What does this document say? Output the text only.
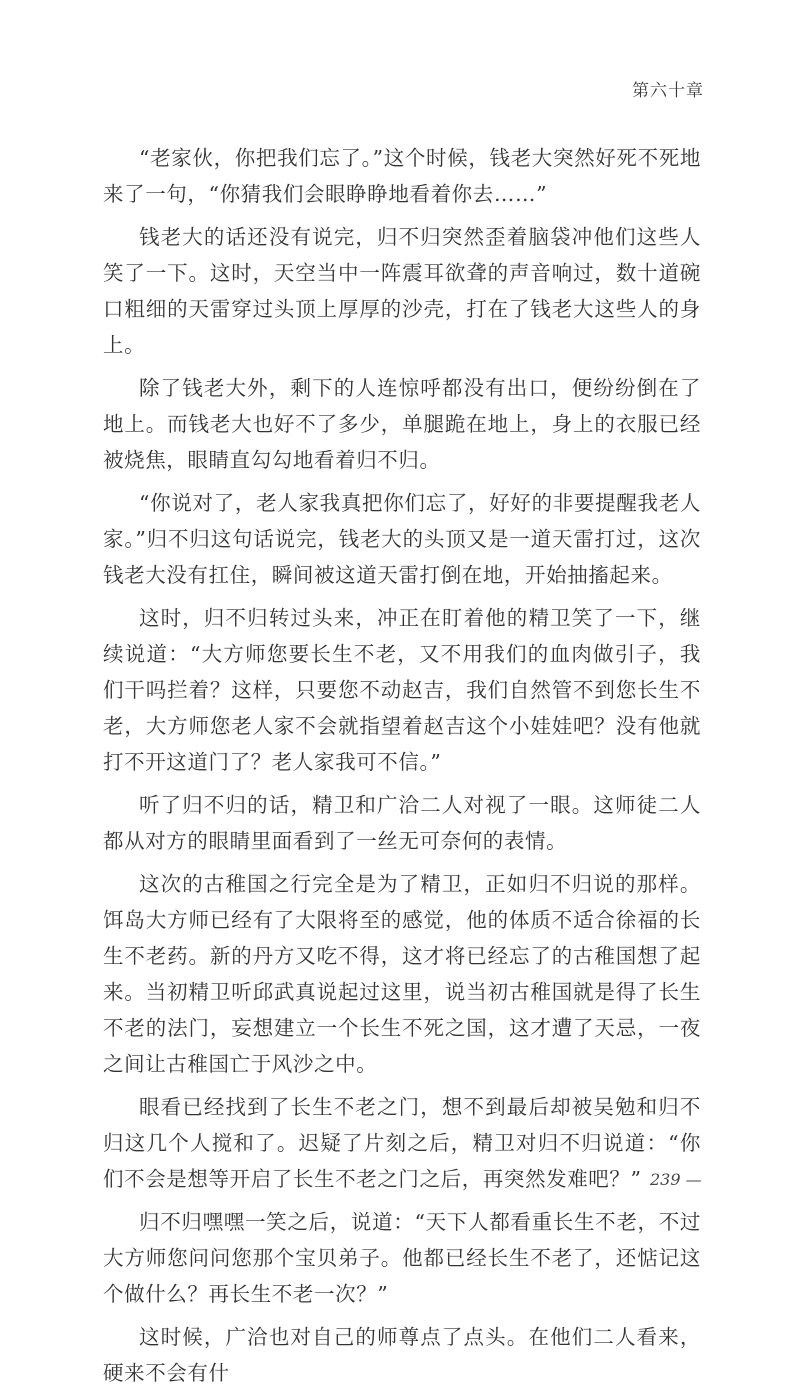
第六十章

“老家伙，你把我们忘了。”这个时候，钱老大突然好死不死地来了一句，“你猜我们会眼睁睁地看着你去……”

钱老大的话还没有说完，归不归突然歪着脑袋冲他们这些人笑了一下。这时，天空当中一阵震耳欲聋的声音响过，数十道碗口粗细的天雷穿过头顶上厚厚的沙壳，打在了钱老大这些人的身上。

除了钱老大外，剩下的人连惊呼都没有出口，便纷纷倒在了地上。而钱老大也好不了多少，单腿跪在地上，身上的衣服已经被烧焦，眼睛直勾勾地看着归不归。

“你说对了，老人家我真把你们忘了，好好的非要提醒我老人家。”归不归这句话说完，钱老大的头顶又是一道天雷打过，这次钱老大没有扛住，瞬间被这道天雷打倒在地，开始抽搐起来。

这时，归不归转过头来，冲正在盯着他的精卫笑了一下，继续说道：“大方师您要长生不老，又不用我们的血肉做引子，我们干吗拦着？这样，只要您不动赵吉，我们自然管不到您长生不老，大方师您老人家不会就指望着赵吉这个小娃娃吧？没有他就打不开这道门了？老人家我可不信。”

听了归不归的话，精卫和广洽二人对视了一眼。这师徒二人都从对方的眼睛里面看到了一丝无可奈何的表情。

这次的古稚国之行完全是为了精卫，正如归不归说的那样。饵岛大方师已经有了大限将至的感觉，他的体质不适合徐福的长生不老药。新的丹方又吃不得，这才将已经忘了的古稚国想了起来。当初精卫听邱武真说起过这里，说当初古稚国就是得了长生不老的法门，妄想建立一个长生不死之国，这才遭了天忌，一夜之间让古稚国亡于风沙之中。

眼看已经找到了长生不老之门，想不到最后却被吴勉和归不归这几个人搅和了。迟疑了片刻之后，精卫对归不归说道：“你们不会是想等开启了长生不老之门之后，再突然发难吧？”

归不归嘿嘿一笑之后，说道：“天下人都看重长生不老，不过大方师您问问您那个宝贝弟子。他都已经长生不老了，还惦记这个做什么？再长生不老一次？”

这时候，广洽也对自己的师尊点了点头。在他们二人看来，硬来不会有什

239 —
